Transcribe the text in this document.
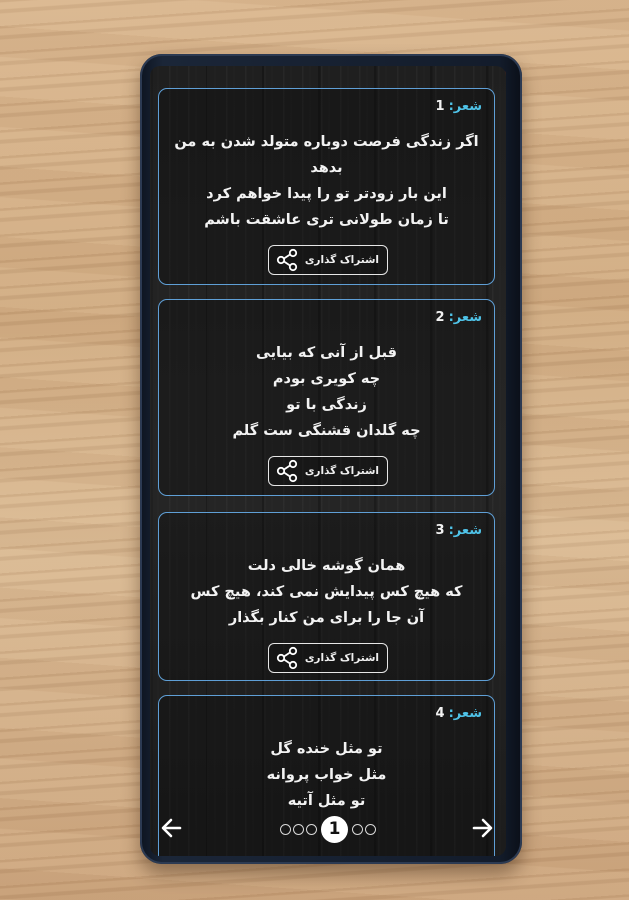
شعر:1
اگر زندگی فرصت دوباره متولد شدن به من
بدهد
این بار زودتر تو را پیدا خواهم کرد
تا زمان طولانی تری عاشقت باشم
اشتراک گذاری
شعر:2
قبل از آنی که بیایی
چه کویری بودم
زندگی با تو
چه گلدان قشنگی ست گلم
اشتراک گذاری
شعر:3
همان گوشه خالی دلت
که هیچ کس پیدایش نمی کند، هیچ کس
آن جا را برای من کنار بگذار
اشتراک گذاری
شعر:4
تو مثل خنده گل
مثل خواب پروانه
تو مثل آتیه
1
